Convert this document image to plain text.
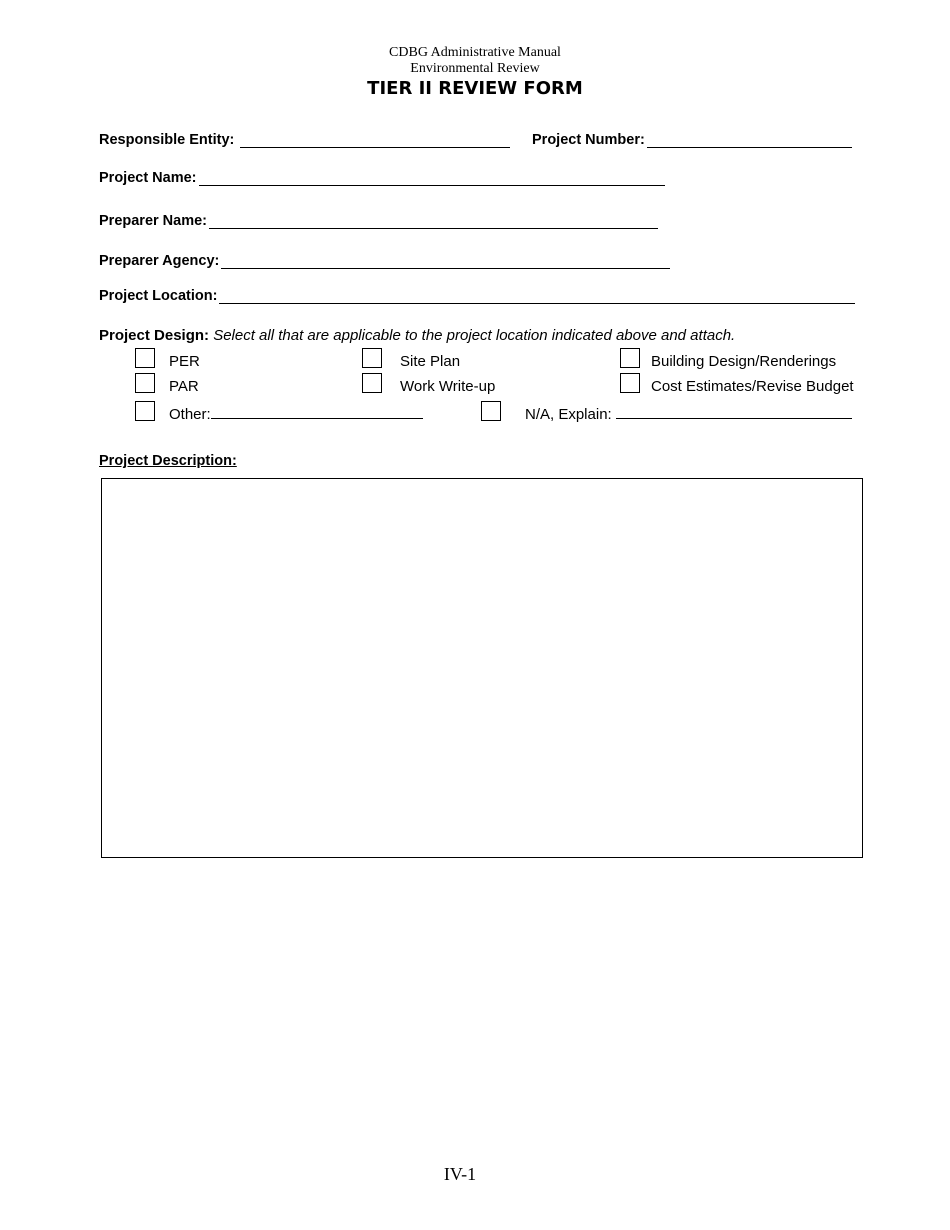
CDBG Administrative Manual
Environmental Review
TIER II REVIEW FORM
Responsible Entity:	Project Number:
Project Name:
Preparer Name:
Preparer Agency:
Project Location:
Project Design: Select all that are applicable to the project location indicated above and attach.
PER
PAR
Other:
Site Plan
Work Write-up
N/A, Explain:
Building Design/Renderings
Cost Estimates/Revise Budget
Project Description:
IV-1
